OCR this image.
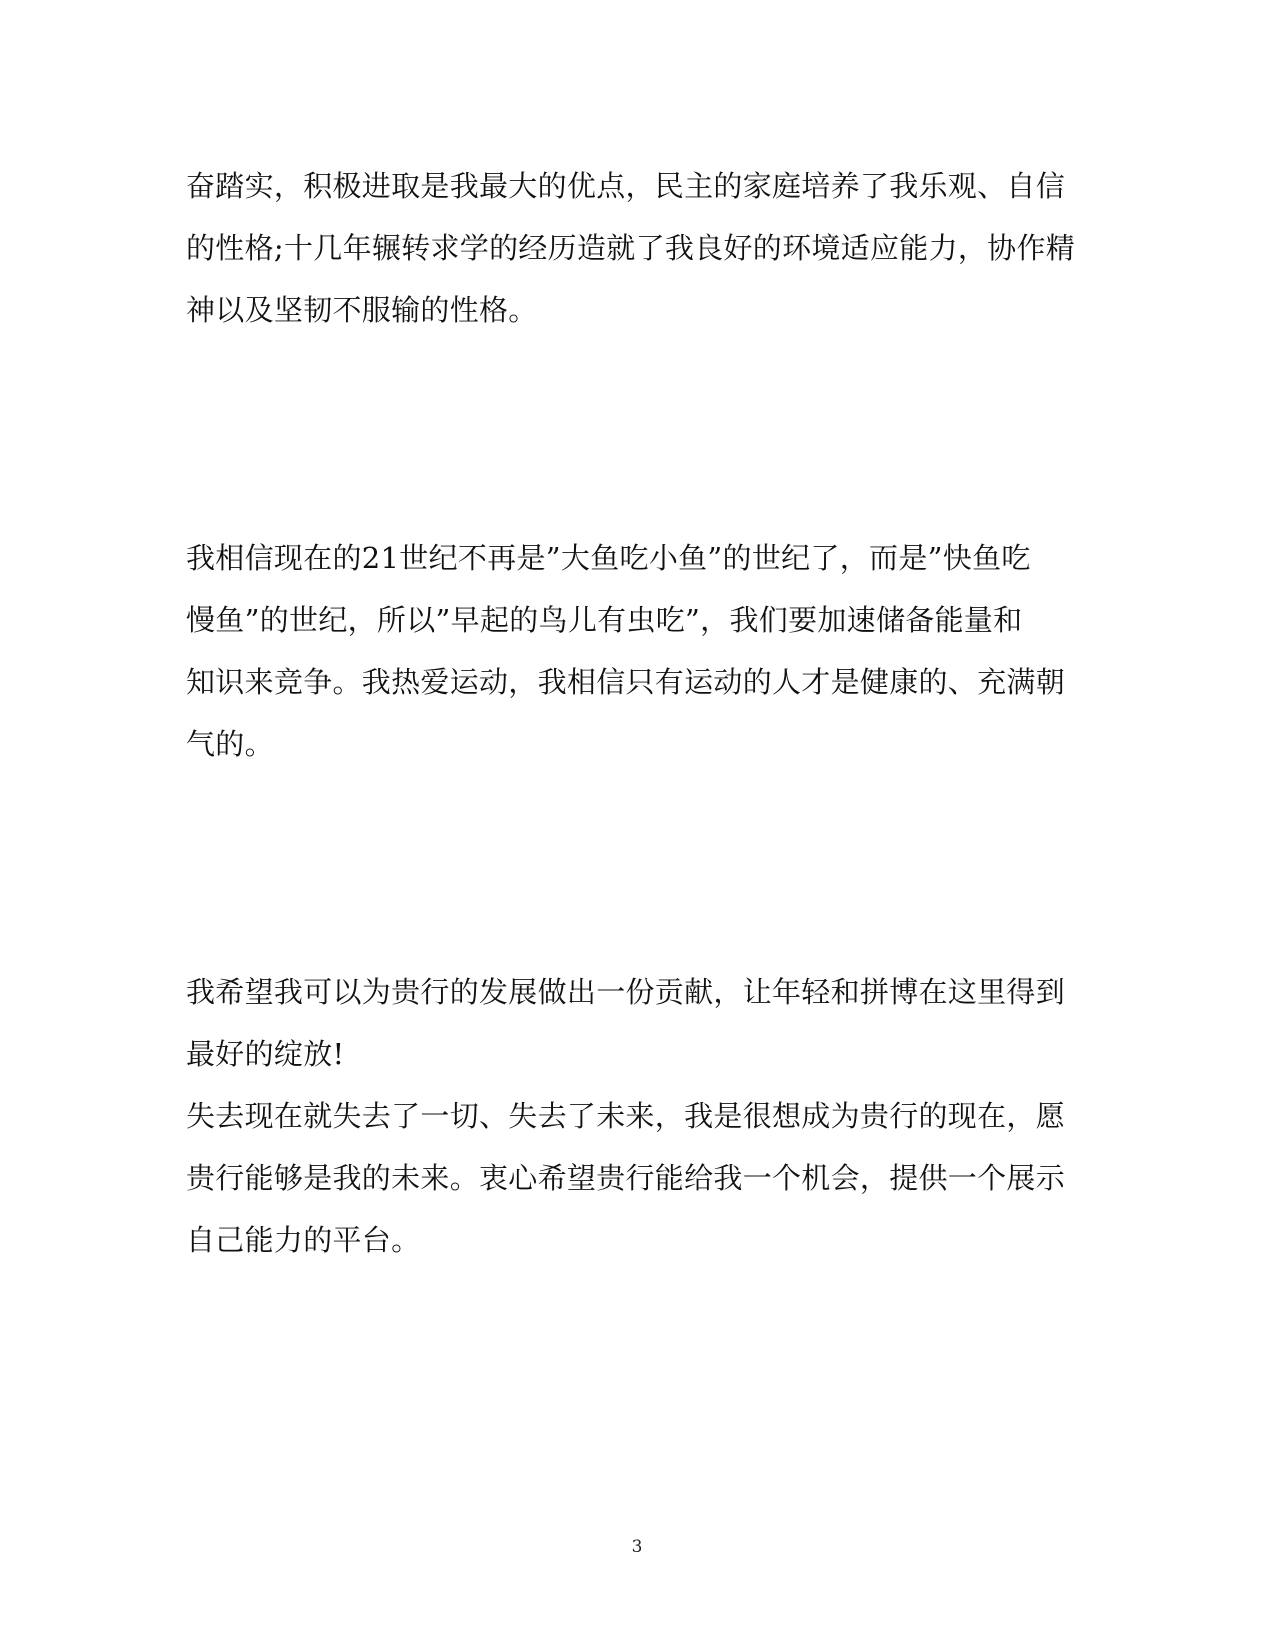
奋踏实，积极进取是我最大的优点，民主的家庭培养了我乐观、自信

的性格;十几年辗转求学的经历造就了我良好的环境适应能力，协作精

神以及坚韧不服输的性格。

我相信现在的21世纪不再是”大鱼吃小鱼”的世纪了，而是”快鱼吃

慢鱼”的世纪，所以”早起的鸟儿有虫吃”，我们要加速储备能量和

知识来竞争。我热爱运动，我相信只有运动的人才是健康的、充满朝

气的。

我希望我可以为贵行的发展做出一份贡献，让年轻和拼博在这里得到

最好的绽放!

失去现在就失去了一切、失去了未来，我是很想成为贵行的现在，愿

贵行能够是我的未来。衷心希望贵行能给我一个机会，提供一个展示

自己能力的平台。

3
